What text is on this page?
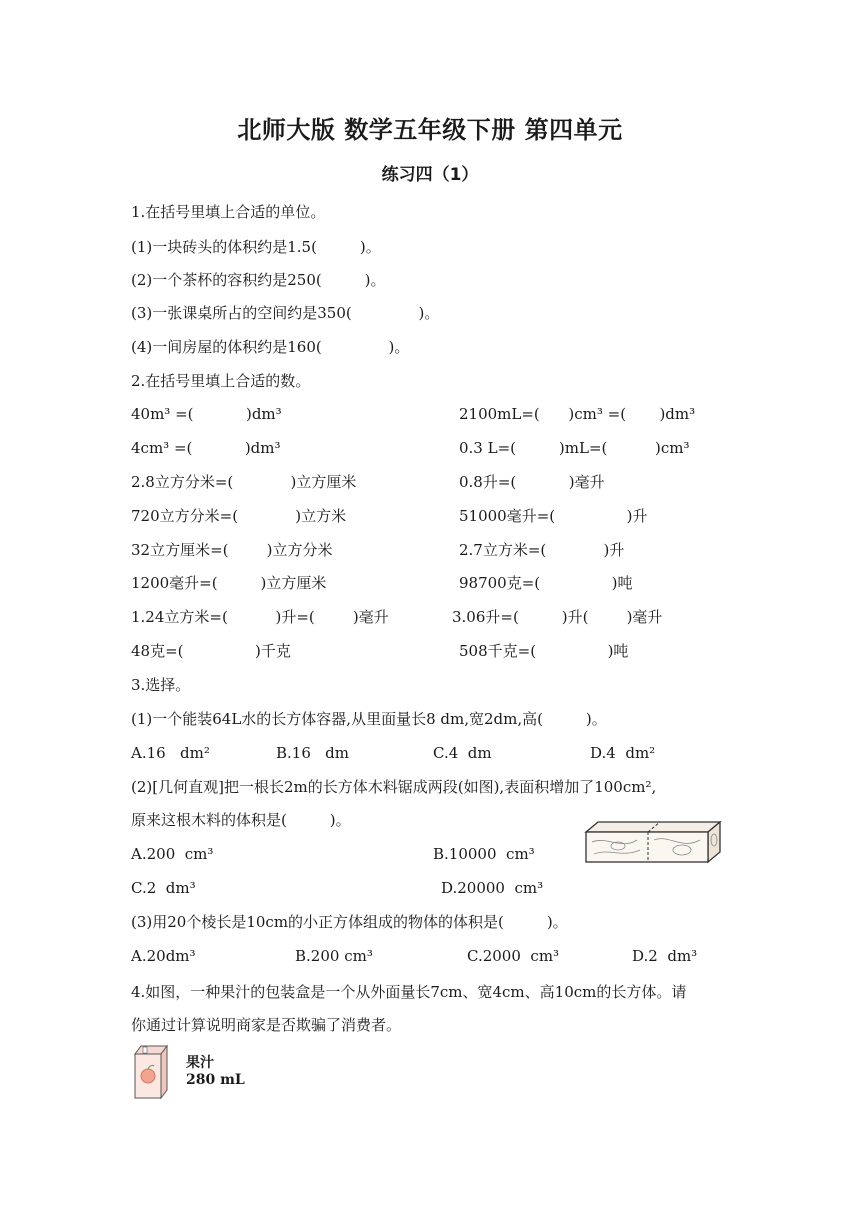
北师大版 数学五年级下册 第四单元
练习四（1）
1.在括号里填上合适的单位。
(1)一块砖头的体积约是1.5(         )。
(2)一个茶杯的容积约是250(         )。
(3)一张课桌所占的空间约是350(              )。
(4)一间房屋的体积约是160(              )。
2.在括号里填上合适的数。
40m³ =(           )dm³	2100mL=(      )cm³ =(       )dm³
4cm³ =(           )dm³	0.3 L=(         )mL=(          )cm³
2.8立方分米=(            )立方厘米	0.8升=(           )毫升
720立方分米=(            )立方米	51000毫升=(               )升
32立方厘米=(        )立方分米	2.7立方米=(            )升
1200毫升=(         )立方厘米	98700克=(               )吨
1.24立方米=(          )升=(        )毫升	3.06升=(         )升(        )毫升
48克=(               )千克	508千克=(               )吨
3.选择。
(1)一个能装64L水的长方体容器,从里面量长8 dm,宽2dm,高(         )。
A.16   dm²	B.16   dm	C.4  dm	D.4  dm²
(2)[几何直观]把一根长2m的长方体木料锯成两段(如图),表面积增加了100cm²,
原来这根木料的体积是(         )。
A.200  cm³	B.10000  cm³
C.2  dm³	D.20000  cm³
(3)用20个棱长是10cm的小正方体组成的物体的体积是(         )。
A.20dm³	B.200 cm³	C.2000  cm³	D.2  dm³
4.如图，一种果汁的包装盒是一个从外面量长7cm、宽4cm、高10cm的长方体。请
你通过计算说明商家是否欺骗了消费者。
果汁
280 mL
